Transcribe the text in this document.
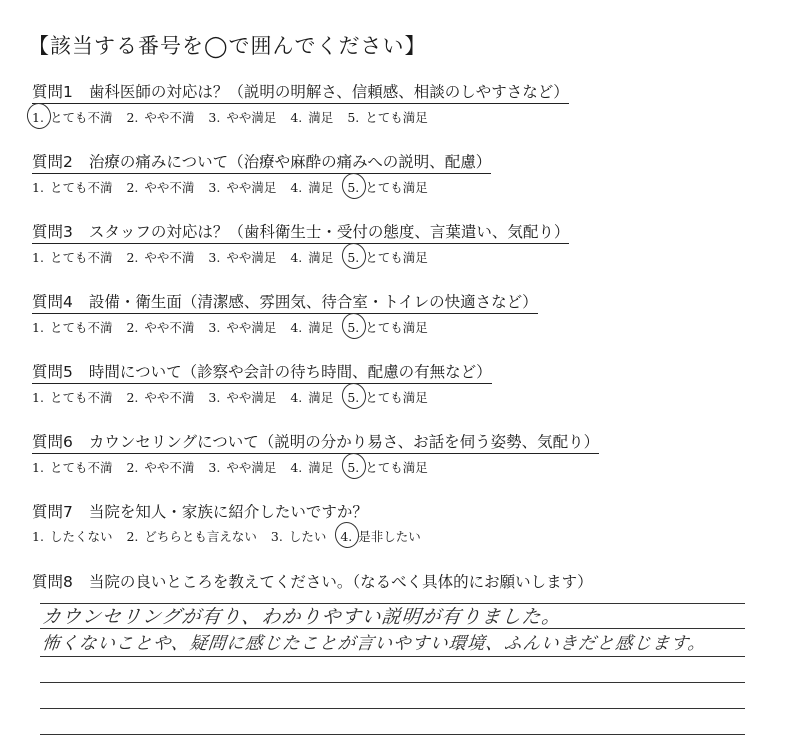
【該当する番号を◯で囲んでください】
質問1 歯科医師の対応は？（説明の明解さ、信頼感、相談のしやすさなど）
1. とても不満 2. やや不満 3. やや満足 4. 満足 5. とても満足
質問2 治療の痛みについて（治療や麻酔の痛みへの説明、配慮）
1. とても不満 2. やや不満 3. やや満足 4. 満足 5. とても満足
質問3 スタッフの対応は？（歯科衛生士・受付の態度、言葉遣い、気配り）
1. とても不満 2. やや不満 3. やや満足 4. 満足 5. とても満足
質問4 設備・衛生面（清潔感、雰囲気、待合室・トイレの快適さなど）
1. とても不満 2. やや不満 3. やや満足 4. 満足 5. とても満足
質問5 時間について（診察や会計の待ち時間、配慮の有無など）
1. とても不満 2. やや不満 3. やや満足 4. 満足 5. とても満足
質問6 カウンセリングについて（説明の分かり易さ、お話を伺う姿勢、気配り）
1. とても不満 2. やや不満 3. やや満足 4. 満足 5. とても満足
質問7 当院を知人・家族に紹介したいですか？
1. したくない 2. どちらとも言えない 3. したい 4. 是非したい
質問8 当院の良いところを教えてください。（なるべく具体的にお願いします）
カウンセリングが有り、わかりやすい説明が有りました。
怖くないことや、疑問に感じたことが言いやすい環境、ふんいきだと感じます。
